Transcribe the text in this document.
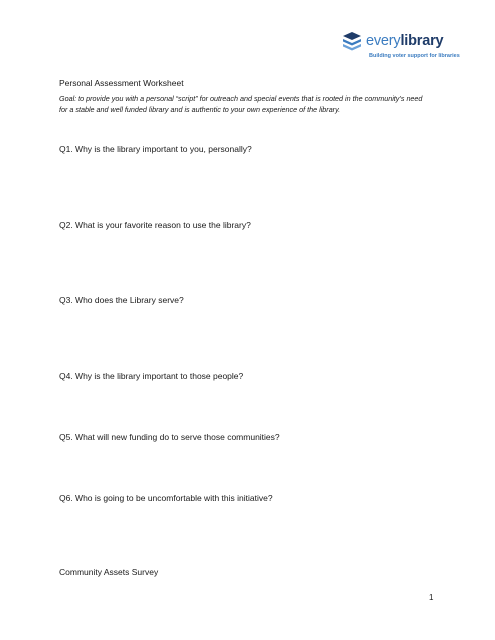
everylibrary
Building voter support for libraries
Personal Assessment Worksheet
Goal: to provide you with a personal “script” for outreach and special events that is rooted in the community’s need for a stable and well funded library and is authentic to your own experience of the library.
Q1. Why is the library important to you, personally?
Q2. What is your favorite reason to use the library?
Q3. Who does the Library serve?
Q4. Why is the library important to those people?
Q5. What will new funding do to serve those communities?
Q6. Who is going to be uncomfortable with this initiative?
Community Assets Survey
1
